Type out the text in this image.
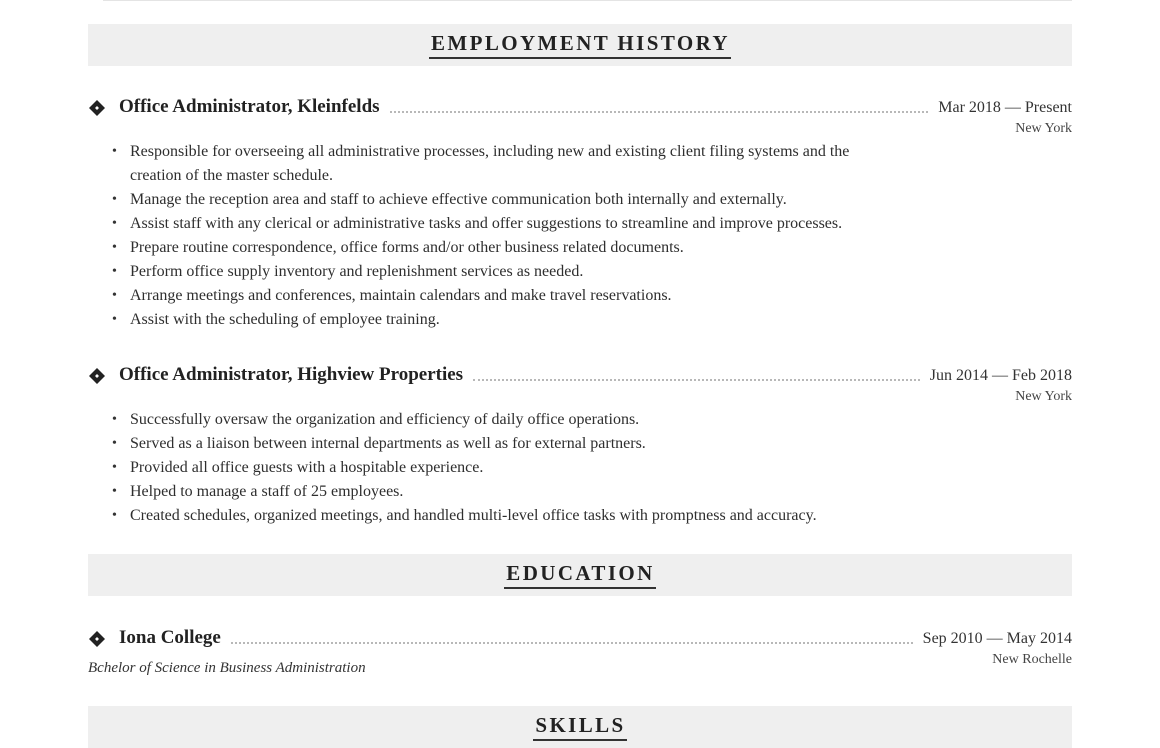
EMPLOYMENT HISTORY
Office Administrator, Kleinfelds	Mar 2018 — Present
New York
• Responsible for overseeing all administrative processes, including new and existing client filing systems and the creation of the master schedule.
• Manage the reception area and staff to achieve effective communication both internally and externally.
• Assist staff with any clerical or administrative tasks and offer suggestions to streamline and improve processes.
• Prepare routine correspondence, office forms and/or other business related documents.
• Perform office supply inventory and replenishment services as needed.
• Arrange meetings and conferences, maintain calendars and make travel reservations.
• Assist with the scheduling of employee training.
Office Administrator, Highview Properties	Jun 2014 — Feb 2018
New York
• Successfully oversaw the organization and efficiency of daily office operations.
• Served as a liaison between internal departments as well as for external partners.
• Provided all office guests with a hospitable experience.
• Helped to manage a staff of 25 employees.
• Created schedules, organized meetings, and handled multi-level office tasks with promptness and accuracy.
EDUCATION
Iona College	Sep 2010 — May 2014
New Rochelle
Bchelor of Science in Business Administration
SKILLS
